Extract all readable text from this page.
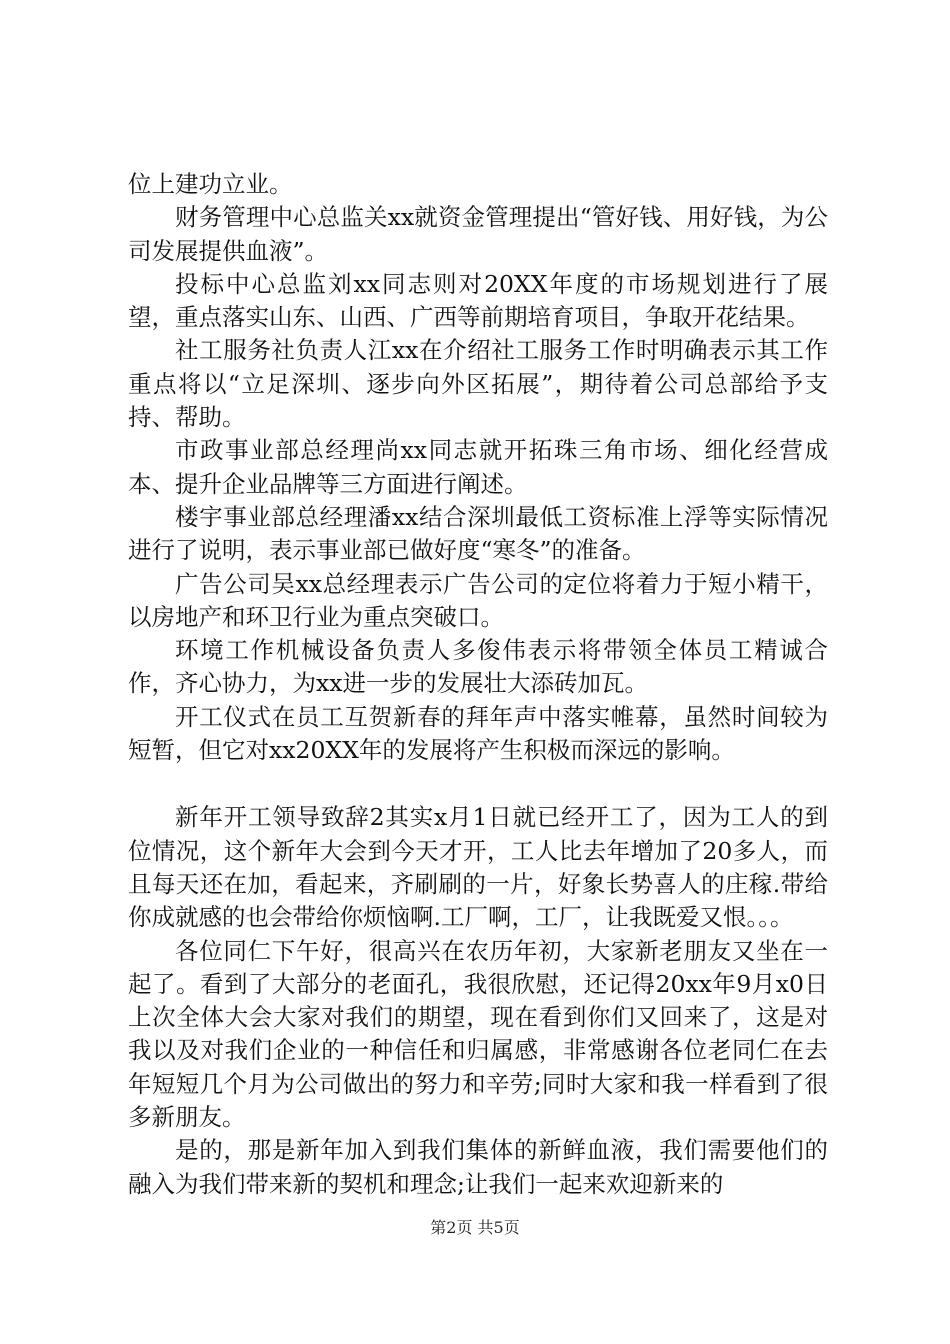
位上建功立业。

财务管理中心总监关xx就资金管理提出“管好钱、用好钱，为公司发展提供血液”。

投标中心总监刘xx同志则对20XX年度的市场规划进行了展望，重点落实山东、山西、广西等前期培育项目，争取开花结果。

社工服务社负责人江xx在介绍社工服务工作时明确表示其工作重点将以“立足深圳、逐步向外区拓展”，期待着公司总部给予支持、帮助。

市政事业部总经理尚xx同志就开拓珠三角市场、细化经营成本、提升企业品牌等三方面进行阐述。

楼宇事业部总经理潘xx结合深圳最低工资标准上浮等实际情况进行了说明，表示事业部已做好度“寒冬”的准备。

广告公司吴xx总经理表示广告公司的定位将着力于短小精干，以房地产和环卫行业为重点突破口。

环境工作机械设备负责人多俊伟表示将带领全体员工精诚合作，齐心协力，为xx进一步的发展壮大添砖加瓦。

开工仪式在员工互贺新春的拜年声中落实帷幕，虽然时间较为短暂，但它对xx20XX年的发展将产生积极而深远的影响。

新年开工领导致辞2其实x月1日就已经开工了，因为工人的到位情况，这个新年大会到今天才开，工人比去年增加了20多人，而且每天还在加，看起来，齐刷刷的一片，好象长势喜人的庄稼.带给你成就感的也会带给你烦恼啊.工厂啊，工厂，让我既爱又恨。。。

各位同仁下午好，很高兴在农历年初，大家新老朋友又坐在一起了。看到了大部分的老面孔，我很欣慰，还记得20xx年9月x0日上次全体大会大家对我们的期望，现在看到你们又回来了，这是对我以及对我们企业的一种信任和归属感，非常感谢各位老同仁在去年短短几个月为公司做出的努力和辛劳;同时大家和我一样看到了很多新朋友。

是的，那是新年加入到我们集体的新鲜血液，我们需要他们的融入为我们带来新的契机和理念;让我们一起来欢迎新来的

第2页 共5页
